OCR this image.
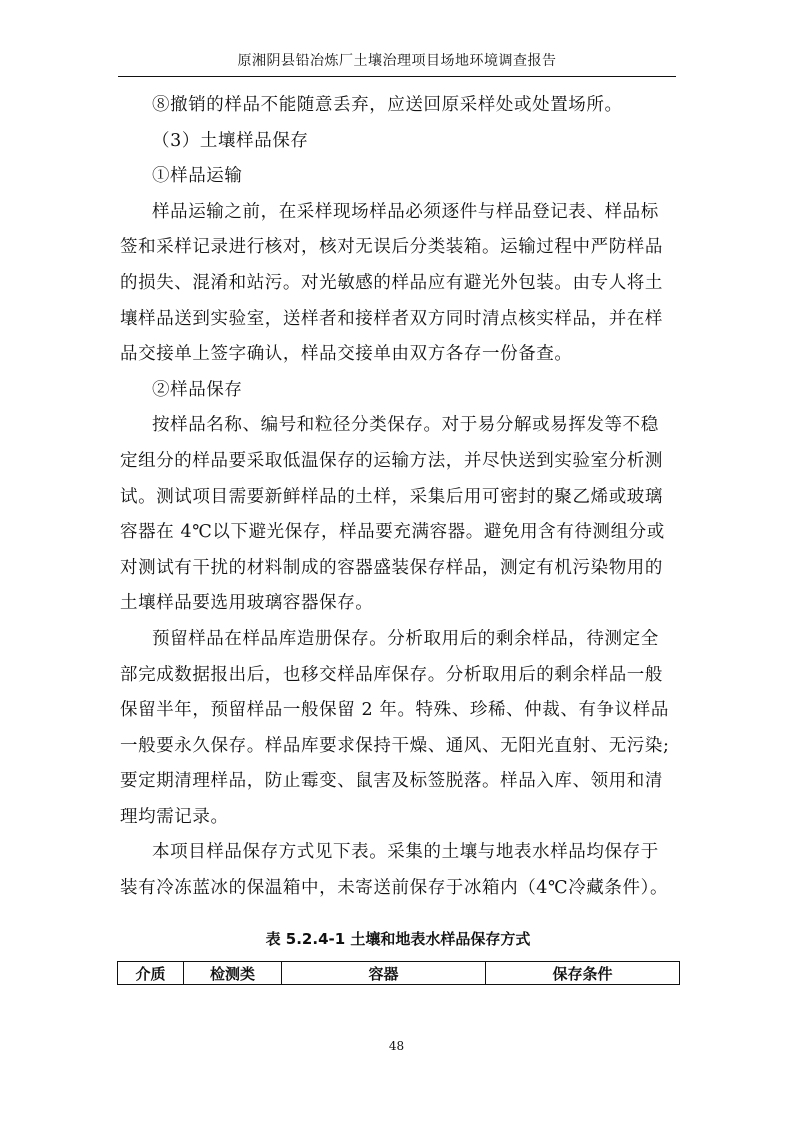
原湘阴县铅冶炼厂土壤治理项目场地环境调查报告
⑧撤销的样品不能随意丢弃，应送回原采样处或处置场所。
（3）土壤样品保存
①样品运输
样品运输之前，在采样现场样品必须逐件与样品登记表、样品标
签和采样记录进行核对，核对无误后分类装箱。运输过程中严防样品
的损失、混淆和站污。对光敏感的样品应有避光外包装。由专人将土
壤样品送到实验室，送样者和接样者双方同时清点核实样品，并在样
品交接单上签字确认，样品交接单由双方各存一份备查。
②样品保存
按样品名称、编号和粒径分类保存。对于易分解或易挥发等不稳
定组分的样品要采取低温保存的运输方法，并尽快送到实验室分析测
试。测试项目需要新鲜样品的土样，采集后用可密封的聚乙烯或玻璃
容器在 4℃以下避光保存，样品要充满容器。避免用含有待测组分或
对测试有干扰的材料制成的容器盛装保存样品，测定有机污染物用的
土壤样品要选用玻璃容器保存。
预留样品在样品库造册保存。分析取用后的剩余样品，待测定全
部完成数据报出后，也移交样品库保存。分析取用后的剩余样品一般
保留半年，预留样品一般保留 2 年。特殊、珍稀、仲裁、有争议样品
一般要永久保存。样品库要求保持干燥、通风、无阳光直射、无污染;
要定期清理样品，防止霉变、鼠害及标签脱落。样品入库、领用和清
理均需记录。
本项目样品保存方式见下表。采集的土壤与地表水样品均保存于
装有冷冻蓝冰的保温箱中，未寄送前保存于冰箱内（4℃冷藏条件）。
表 5.2.4-1 土壤和地表水样品保存方式
介质	检测类	容器	保存条件
48
